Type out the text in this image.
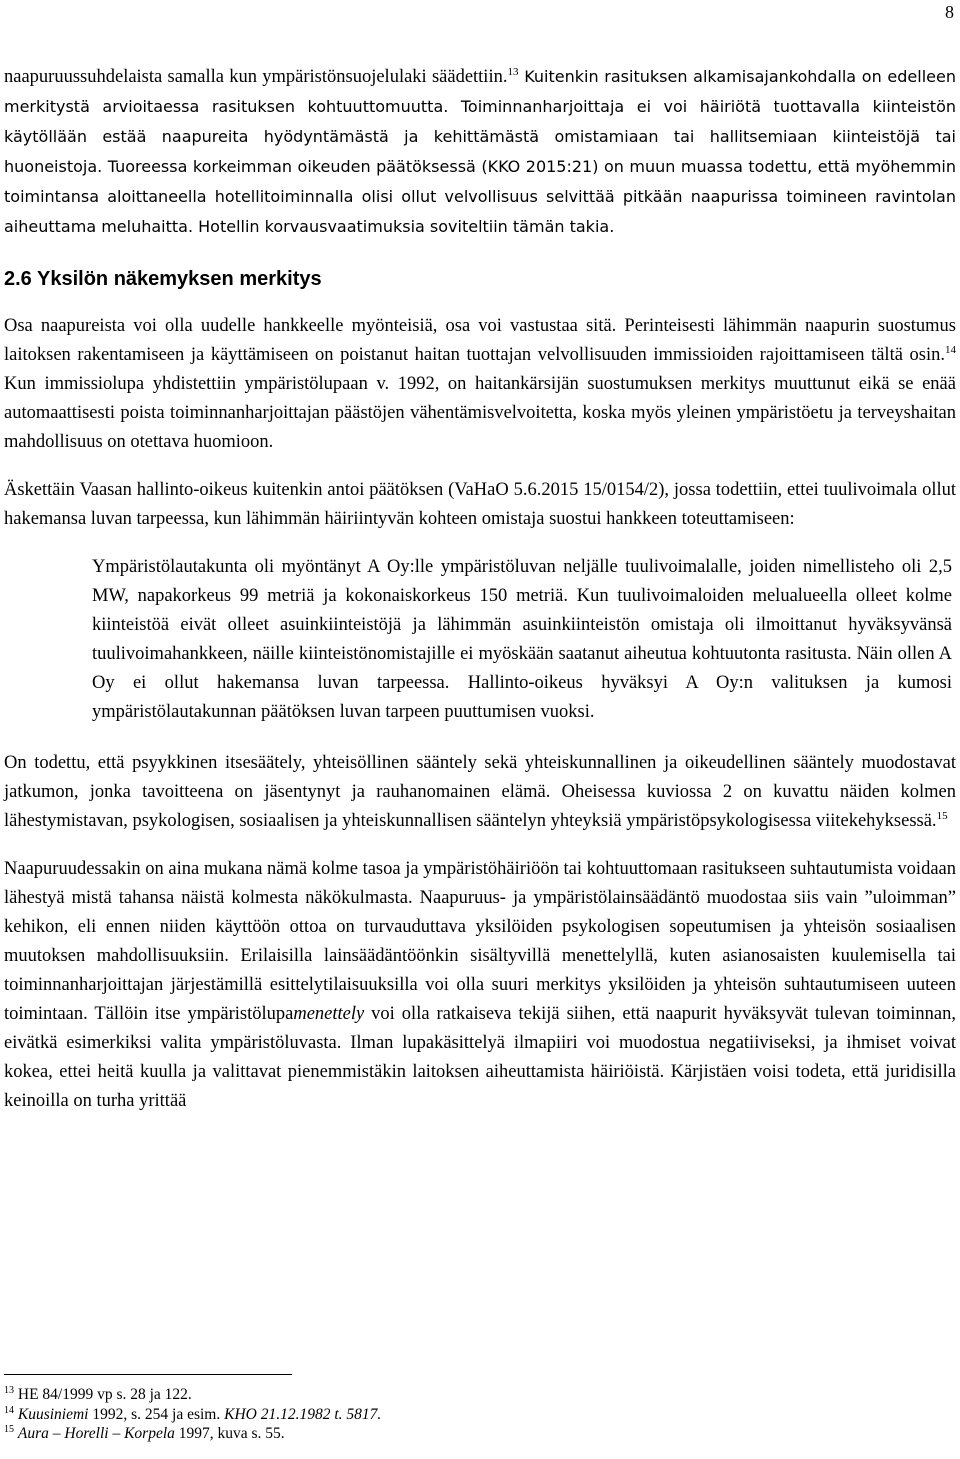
8

naapuruussuhdelaista samalla kun ympäristönsuojelulaki säädettiin.$^{13}$ Kuitenkin rasituksen alkamisajankohdalla on edelleen merkitystä arvioitaessa rasituksen kohtuuttomuutta. Toiminnanharjoittaja ei voi häiriötä tuottavalla kiinteistön käytöllään estää naapureita hyödyntämästä ja kehittämästä omistamiaan tai hallitsemiaan kiinteistöjä tai huoneistoja. Tuoreessa korkeimman oikeuden päätöksessä (KKO 2015:21) on muun muassa todettu, että myöhemmin toimintansa aloittaneella hotellitoiminnalla olisi ollut velvollisuus selvittää pitkään naapurissa toimineen ravintolan aiheuttama meluhaitta. Hotellin korvausvaatimuksia soviteltiin tämän takia.

2.6 Yksilön näkemyksen merkitys

Osa naapureista voi olla uudelle hankkeelle myönteisiä, osa voi vastustaa sitä. Perinteisesti lähimmän naapurin suostumus laitoksen rakentamiseen ja käyttämiseen on poistanut haitan tuottajan velvollisuuden immissioiden rajoittamiseen tältä osin.$^{14}$ Kun immissiolupa yhdistettiin ympäristölupaan v. 1992, on haitankärsijän suostumuksen merkitys muuttunut eikä se enää automaattisesti poista toiminnanharjoittajan päästöjen vähentämisvelvoitetta, koska myös yleinen ympäristöetu ja terveyshaitan mahdollisuus on otettava huomioon.

Äskettäin Vaasan hallinto-oikeus kuitenkin antoi päätöksen (VaHaO 5.6.2015 15/0154/2), jossa todettiin, ettei tuulivoimala ollut hakemansa luvan tarpeessa, kun lähimmän häiriintyvän kohteen omistaja suostui hankkeen toteuttamiseen:

Ympäristölautakunta oli myöntänyt A Oy:lle ympäristöluvan neljälle tuulivoimalalle, joiden nimellisteho oli 2,5 MW, napakorkeus 99 metriä ja kokonaiskorkeus 150 metriä. Kun tuulivoimaloiden melualueella olleet kolme kiinteistöä eivät olleet asuinkiinteistöjä ja lähimmän asuinkiinteistön omistaja oli ilmoittanut hyväksyvänsä tuulivoimahankkeen, näille kiinteistönomistajille ei myöskään saatanut aiheutua kohtuutonta rasitusta. Näin ollen A Oy ei ollut hakemansa luvan tarpeessa. Hallinto-oikeus hyväksyi A Oy:n valituksen ja kumosi ympäristölautakunnan päätöksen luvan tarpeen puuttumisen vuoksi.

On todettu, että psyykkinen itsesäätely, yhteisöllinen sääntely sekä yhteiskunnallinen ja oikeudellinen sääntely muodostavat jatkumon, jonka tavoitteena on jäsentynyt ja rauhanomainen elämä. Oheisessa kuviossa 2 on kuvattu näiden kolmen lähestymistavan, psykologisen, sosiaalisen ja yhteiskunnallisen sääntelyn yhteyksiä ympäristöpsykologisessa viitekehyksessä.$^{15}$

Naapuruudessakin on aina mukana nämä kolme tasoa ja ympäristöhäiriöön tai kohtuuttomaan rasitukseen suhtautumista voidaan lähestyä mistä tahansa näistä kolmesta näkökulmasta. Naapuruus- ja ympäristölainsäädäntö muodostaa siis vain ”uloimman” kehikon, eli ennen niiden käyttöön ottoa on turvauduttava yksilöiden psykologisen sopeutumisen ja yhteisön sosiaalisen muutoksen mahdollisuuksiin. Erilaisilla lainsäädäntöönkin sisältyvillä menettelyllä, kuten asianosaisten kuulemisella tai toiminnanharjoittajan järjestämillä esittelytilaisuuksilla voi olla suuri merkitys yksilöiden ja yhteisön suhtautumiseen uuteen toimintaan. Tällöin itse ympäristölupamenettely voi olla ratkaiseva tekijä siihen, että naapurit hyväksyvät tulevan toiminnan, eivätkä esimerkiksi valita ympäristöluvasta. Ilman lupakäsittelyä ilmapiiri voi muodostua negatiiviseksi, ja ihmiset voivat kokea, ettei heitä kuulla ja valittavat pienemmistäkin laitoksen aiheuttamista häiriöistä. Kärjistäen voisi todeta, että juridisilla keinoilla on turha yrittää

$^{13}$ HE 84/1999 vp s. 28 ja 122.
$^{14}$ Kuusiniemi 1992, s. 254 ja esim. KHO 21.12.1982 t. 5817.
$^{15}$ Aura – Horelli – Korpela 1997, kuva s. 55.
